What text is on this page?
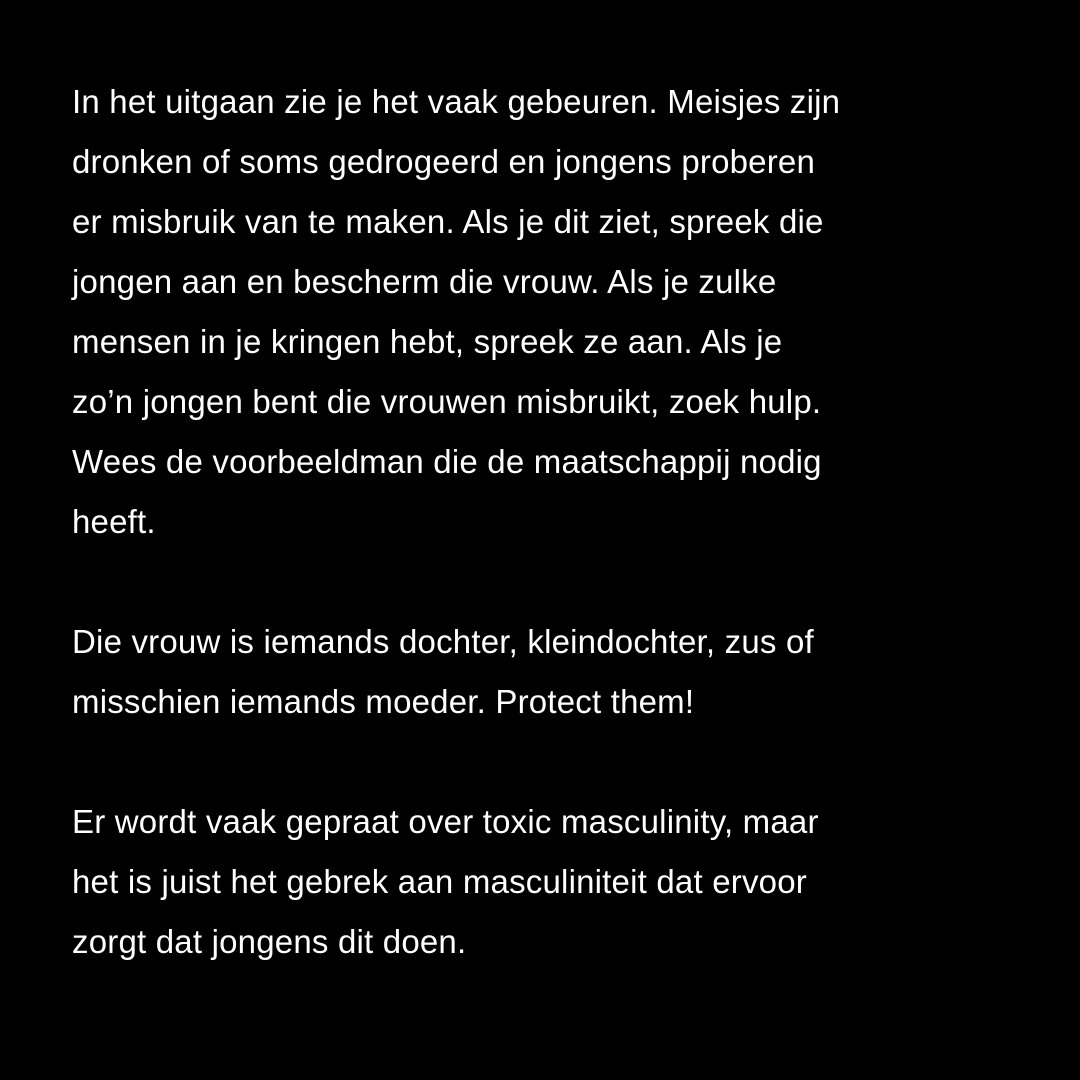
In het uitgaan zie je het vaak gebeuren. Meisjes zijn
dronken of soms gedrogeerd en jongens proberen
er misbruik van te maken. Als je dit ziet, spreek die
jongen aan en bescherm die vrouw. Als je zulke
mensen in je kringen hebt, spreek ze aan. Als je
zo’n jongen bent die vrouwen misbruikt, zoek hulp.
Wees de voorbeeldman die de maatschappij nodig
heeft.
Die vrouw is iemands dochter, kleindochter, zus of
misschien iemands moeder. Protect them!
Er wordt vaak gepraat over toxic masculinity, maar
het is juist het gebrek aan masculiniteit dat ervoor
zorgt dat jongens dit doen.
